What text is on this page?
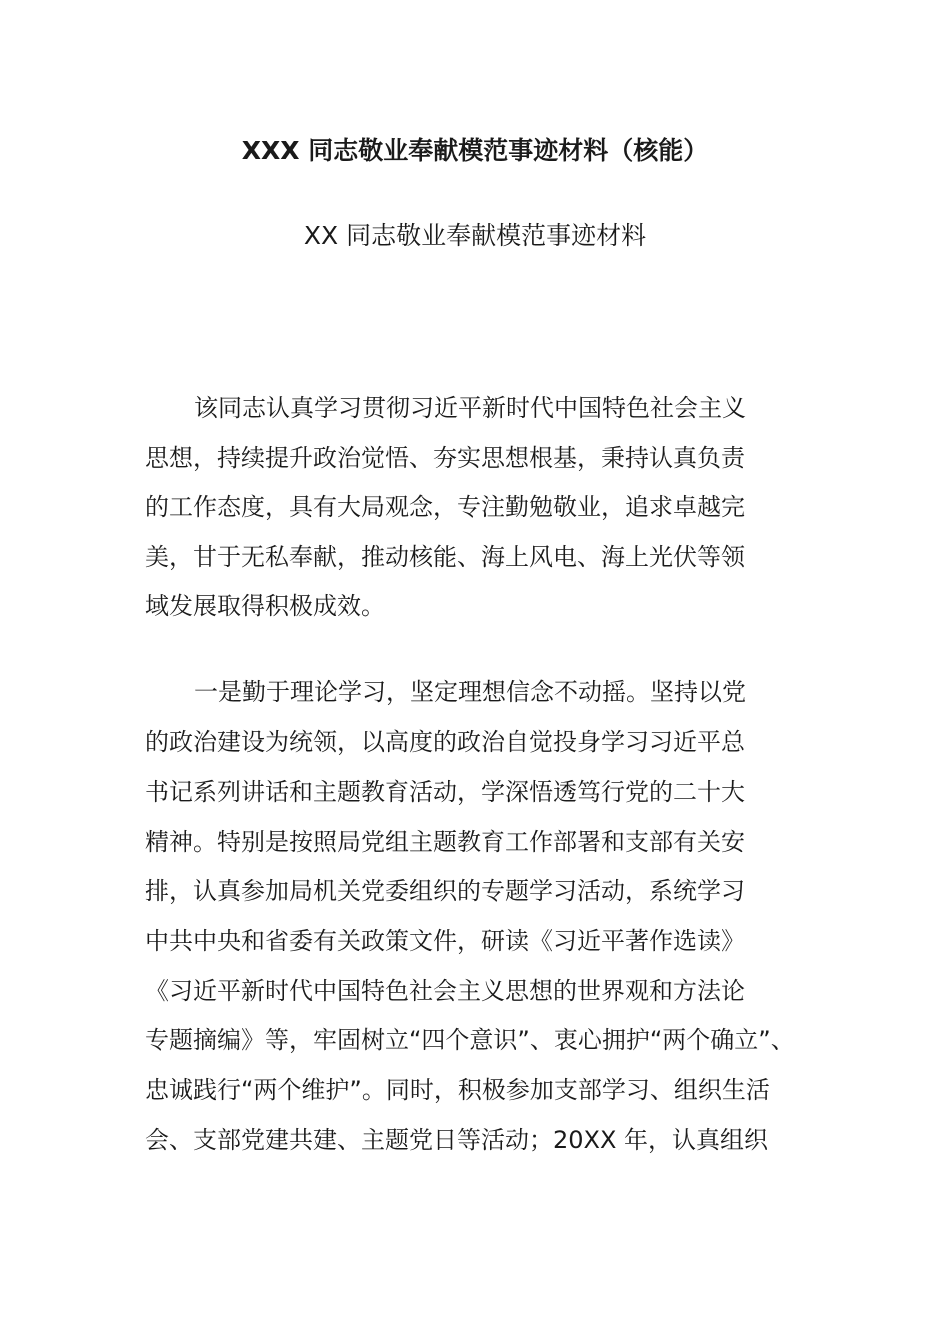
XXX 同志敬业奉献模范事迹材料（核能）
XX 同志敬业奉献模范事迹材料

该同志认真学习贯彻习近平新时代中国特色社会主义

思想，持续提升政治觉悟、夯实思想根基，秉持认真负责

的工作态度，具有大局观念，专注勤勉敬业，追求卓越完

美，甘于无私奉献，推动核能、海上风电、海上光伏等领

域发展取得积极成效。

一是勤于理论学习，坚定理想信念不动摇。坚持以党

的政治建设为统领，以高度的政治自觉投身学习习近平总

书记系列讲话和主题教育活动，学深悟透笃行党的二十大

精神。特别是按照局党组主题教育工作部署和支部有关安

排，认真参加局机关党委组织的专题学习活动，系统学习

中共中央和省委有关政策文件，研读《习近平著作选读》

《习近平新时代中国特色社会主义思想的世界观和方法论

专题摘编》等，牢固树立“四个意识”、衷心拥护“两个确立”、

忠诚践行“两个维护”。同时，积极参加支部学习、组织生活

会、支部党建共建、主题党日等活动；20XX 年，认真组织
